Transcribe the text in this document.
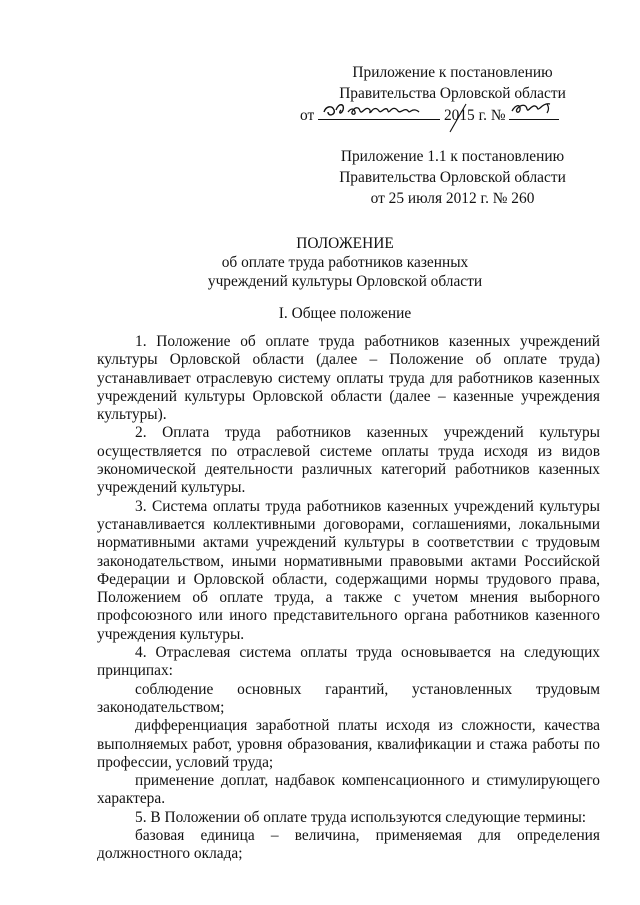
Приложение к постановлению
Правительства Орловской области
от	2015 г. №
Приложение 1.1 к постановлению
Правительства Орловской области
от 25 июля 2012 г. № 260
ПОЛОЖЕНИЕ
об оплате труда работников казенных
учреждений культуры Орловской области
I. Общее положение

1. Положение об оплате труда работников казенных учреждений культуры Орловской области (далее – Положение об оплате труда) устанавливает отраслевую систему оплаты труда для работников казенных учреждений культуры Орловской области (далее – казенные учреждения культуры).

2. Оплата труда работников казенных учреждений культуры осуществляется по отраслевой системе оплаты труда исходя из видов экономической деятельности различных категорий работников казенных учреждений культуры.

3. Система оплаты труда работников казенных учреждений культуры устанавливается коллективными договорами, соглашениями, локальными нормативными актами учреждений культуры в соответствии с трудовым законодательством, иными нормативными правовыми актами Российской Федерации и Орловской области, содержащими нормы трудового права, Положением об оплате труда, а также с учетом мнения выборного профсоюзного или иного представительного органа работников казенного учреждения культуры.

4. Отраслевая система оплаты труда основывается на следующих принципах:

соблюдение основных гарантий, установленных трудовым законодательством;

дифференциация заработной платы исходя из сложности, качества выполняемых работ, уровня образования, квалификации и стажа работы по профессии, условий труда;

применение доплат, надбавок компенсационного и стимулирующего характера.

5. В Положении об оплате труда используются следующие термины:

базовая единица – величина, применяемая для определения должностного оклада;
